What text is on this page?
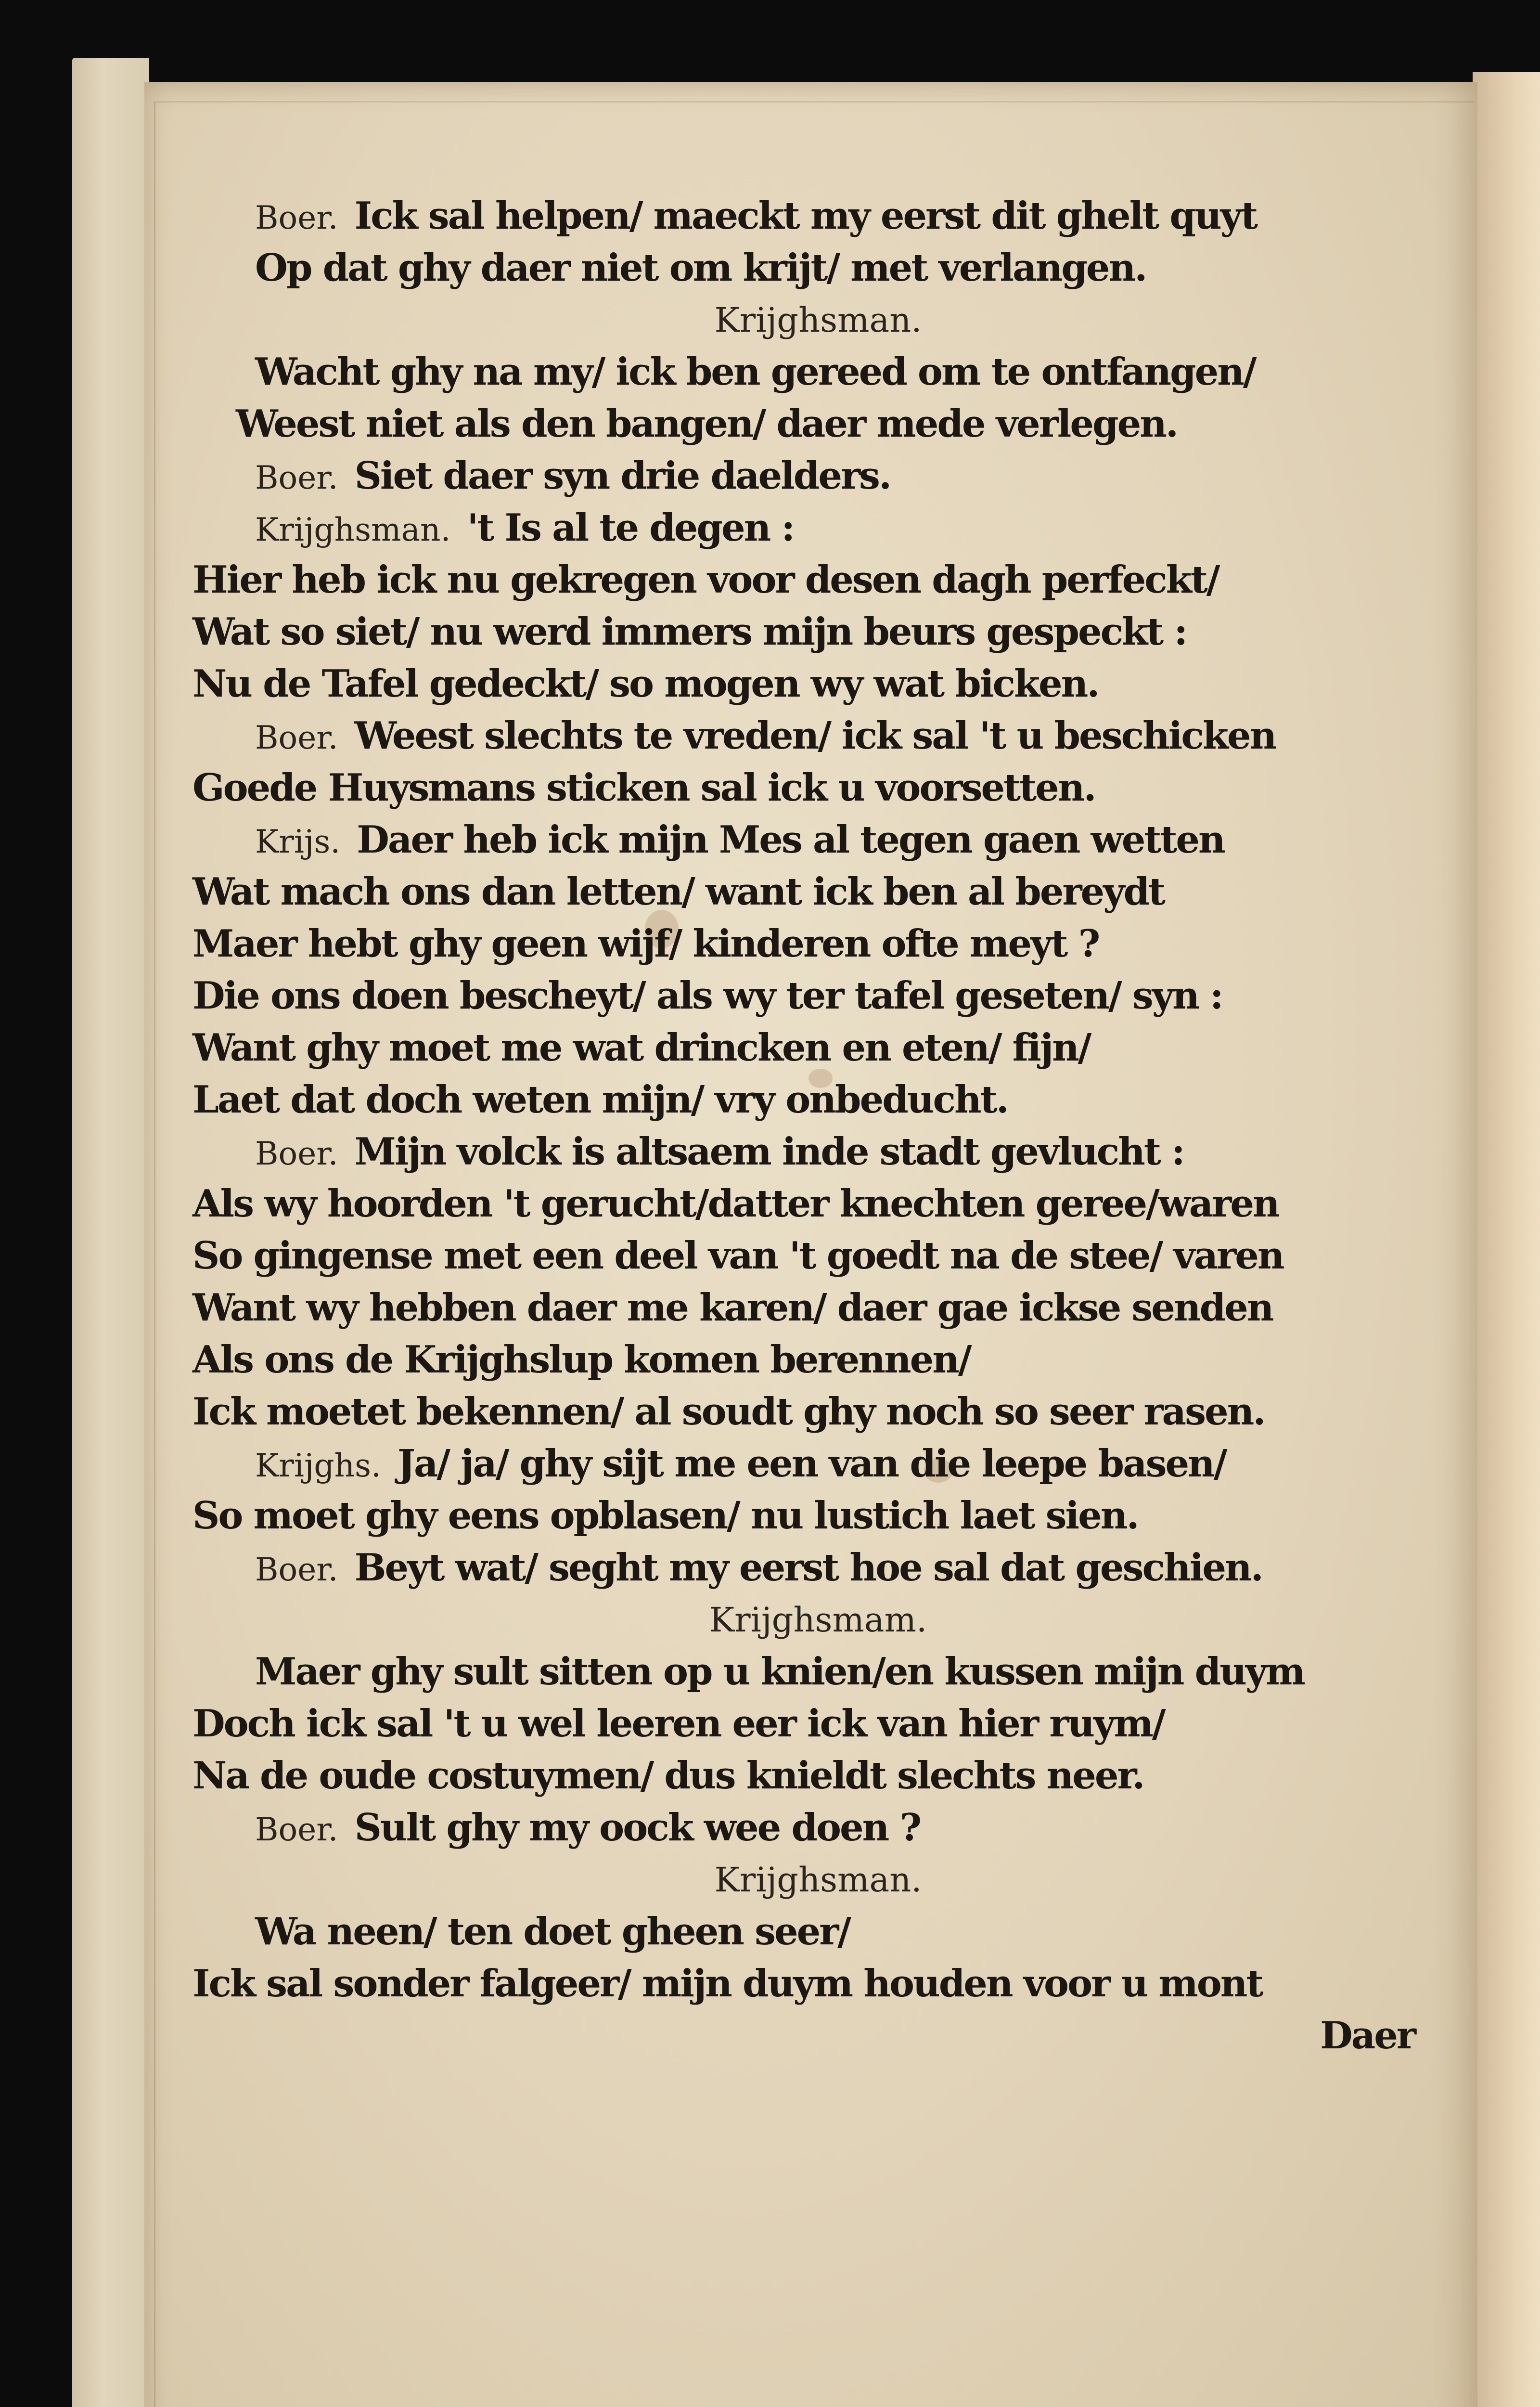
Boer. Ick sal helpen/ maeckt my eerst dit ghelt quyt
Op dat ghy daer niet om krijt/ met verlangen.
Krijghsman.
Wacht ghy na my/ ick ben gereed om te ontfangen/
Weest niet als den bangen/ daer mede verlegen.
Boer. Siet daer syn drie daelders.
Krijghsman. 't Is al te degen :
Hier heb ick nu gekregen voor desen dagh perfeckt/
Wat so siet/ nu werd immers mijn beurs gespeckt :
Nu de Tafel gedeckt/ so mogen wy wat bicken.
Boer. Weest slechts te vreden/ ick sal 't u beschicken
Goede Huysmans sticken sal ick u voorsetten.
Krijs. Daer heb ick mijn Mes al tegen gaen wetten
Wat mach ons dan letten/ want ick ben al bereydt
Maer hebt ghy geen wijf/ kinderen ofte meyt ?
Die ons doen bescheyt/ als wy ter tafel geseten/ syn :
Want ghy moet me wat drincken en eten/ fijn/
Laet dat doch weten mijn/ vry onbeducht.
Boer. Mijn volck is altsaem inde stadt gevlucht :
Als wy hoorden 't gerucht/datter knechten geree/waren
So gingense met een deel van 't goedt na de stee/ varen
Want wy hebben daer me karen/ daer gae ickse senden
Als ons de Krijghslup komen berennen/
Ick moetet bekennen/ al soudt ghy noch so seer rasen.
Krijghs. Ja/ ja/ ghy sijt me een van die leepe basen/
So moet ghy eens opblasen/ nu lustich laet sien.
Boer. Beyt wat/ seght my eerst hoe sal dat geschien.
Krijghsmam.
Maer ghy sult sitten op u knien/en kussen mijn duym
Doch ick sal 't u wel leeren eer ick van hier ruym/
Na de oude costuymen/ dus knieldt slechts neer.
Boer. Sult ghy my oock wee doen ?
Krijghsman.
Wa neen/ ten doet gheen seer/
Ick sal sonder falgeer/ mijn duym houden voor u mont
Daer
